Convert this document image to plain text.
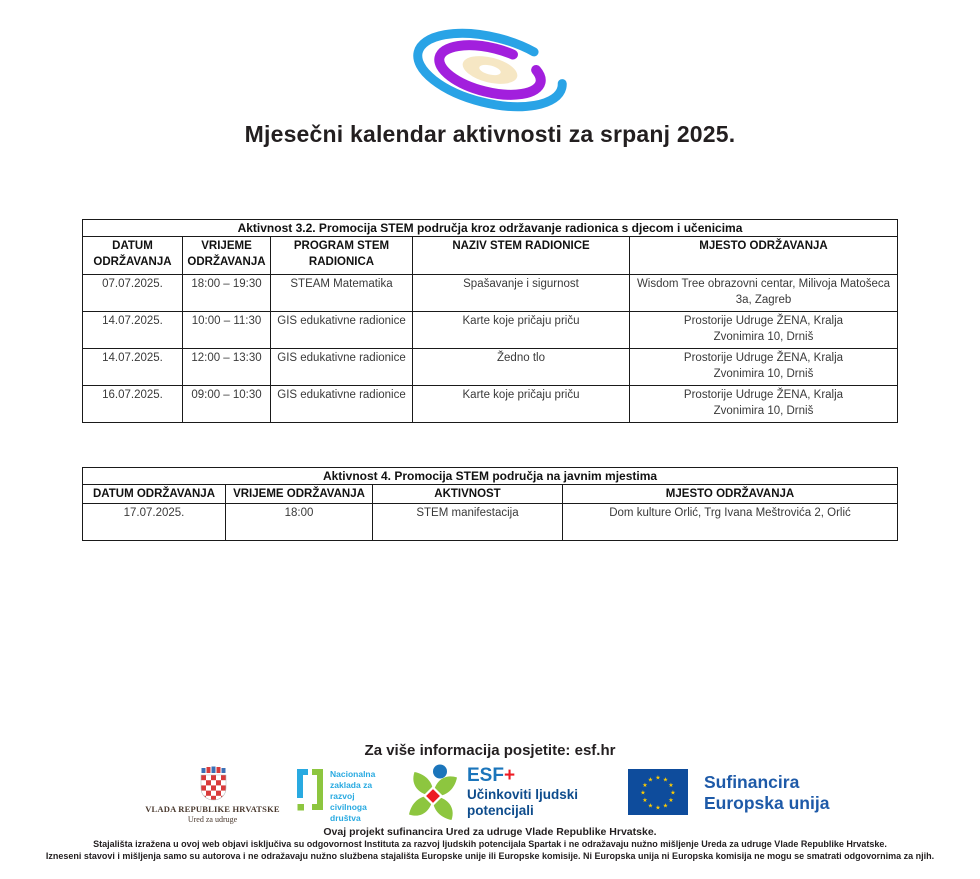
Mjesečni kalendar aktivnosti za srpanj 2025.
Aktivnost 3.2. Promocija STEM područja kroz održavanje radionica s djecom i učenicima				
DATUM ODRŽAVANJA	VRIJEME ODRŽAVANJA	PROGRAM STEM RADIONICA	NAZIV STEM RADIONICE	MJESTO ODRŽAVANJA
07.07.2025.	18:00 – 19:30	STEAM Matematika	Spašavanje i sigurnost	Wisdom Tree obrazovni centar, Milivoja Matošeca 3a, Zagreb
14.07.2025.	10:00 – 11:30	GIS edukativne radionice	Karte koje pričaju priču	Prostorije Udruge ŽENA, Kralja Zvonimira 10, Drniš
14.07.2025.	12:00 – 13:30	GIS edukativne radionice	Žedno tlo	Prostorije Udruge ŽENA, Kralja Zvonimira 10, Drniš
16.07.2025.	09:00 – 10:30	GIS edukativne radionice	Karte koje pričaju priču	Prostorije Udruge ŽENA, Kralja Zvonimira 10, Drniš
Aktivnost 4. Promocija STEM područja na javnim mjestima			
DATUM ODRŽAVANJA	VRIJEME ODRŽAVANJA	AKTIVNOST	MJESTO ODRŽAVANJA
17.07.2025.	18:00	STEM manifestacija	Dom kulture Orlić, Trg Ivana Meštrovića 2, Orlić
Za više informacija posjetite: esf.hr
VLADA REPUBLIKE HRVATSKE
Ured za udruge
Nacionalna
zaklada za
razvoj
civilnoga
društva
ESF+
Učinkoviti ljudski
potencijali
★ ★
★
★
★
★
★
★
★
★
★
★	Sufinancira
Europska unija
Ovaj projekt sufinancira Ured za udruge Vlade Republike Hrvatske.
Stajališta izražena u ovoj web objavi isključiva su odgovornost Instituta za razvoj ljudskih potencijala Spartak i ne odražavaju nužno mišljenje Ureda za udruge Vlade Republike Hrvatske.
Izneseni stavovi i mišljenja samo su autorova i ne odražavaju nužno službena stajališta Europske unije ili Europske komisije. Ni Europska unija ni Europska komisija ne mogu se smatrati odgovornima za njih.
